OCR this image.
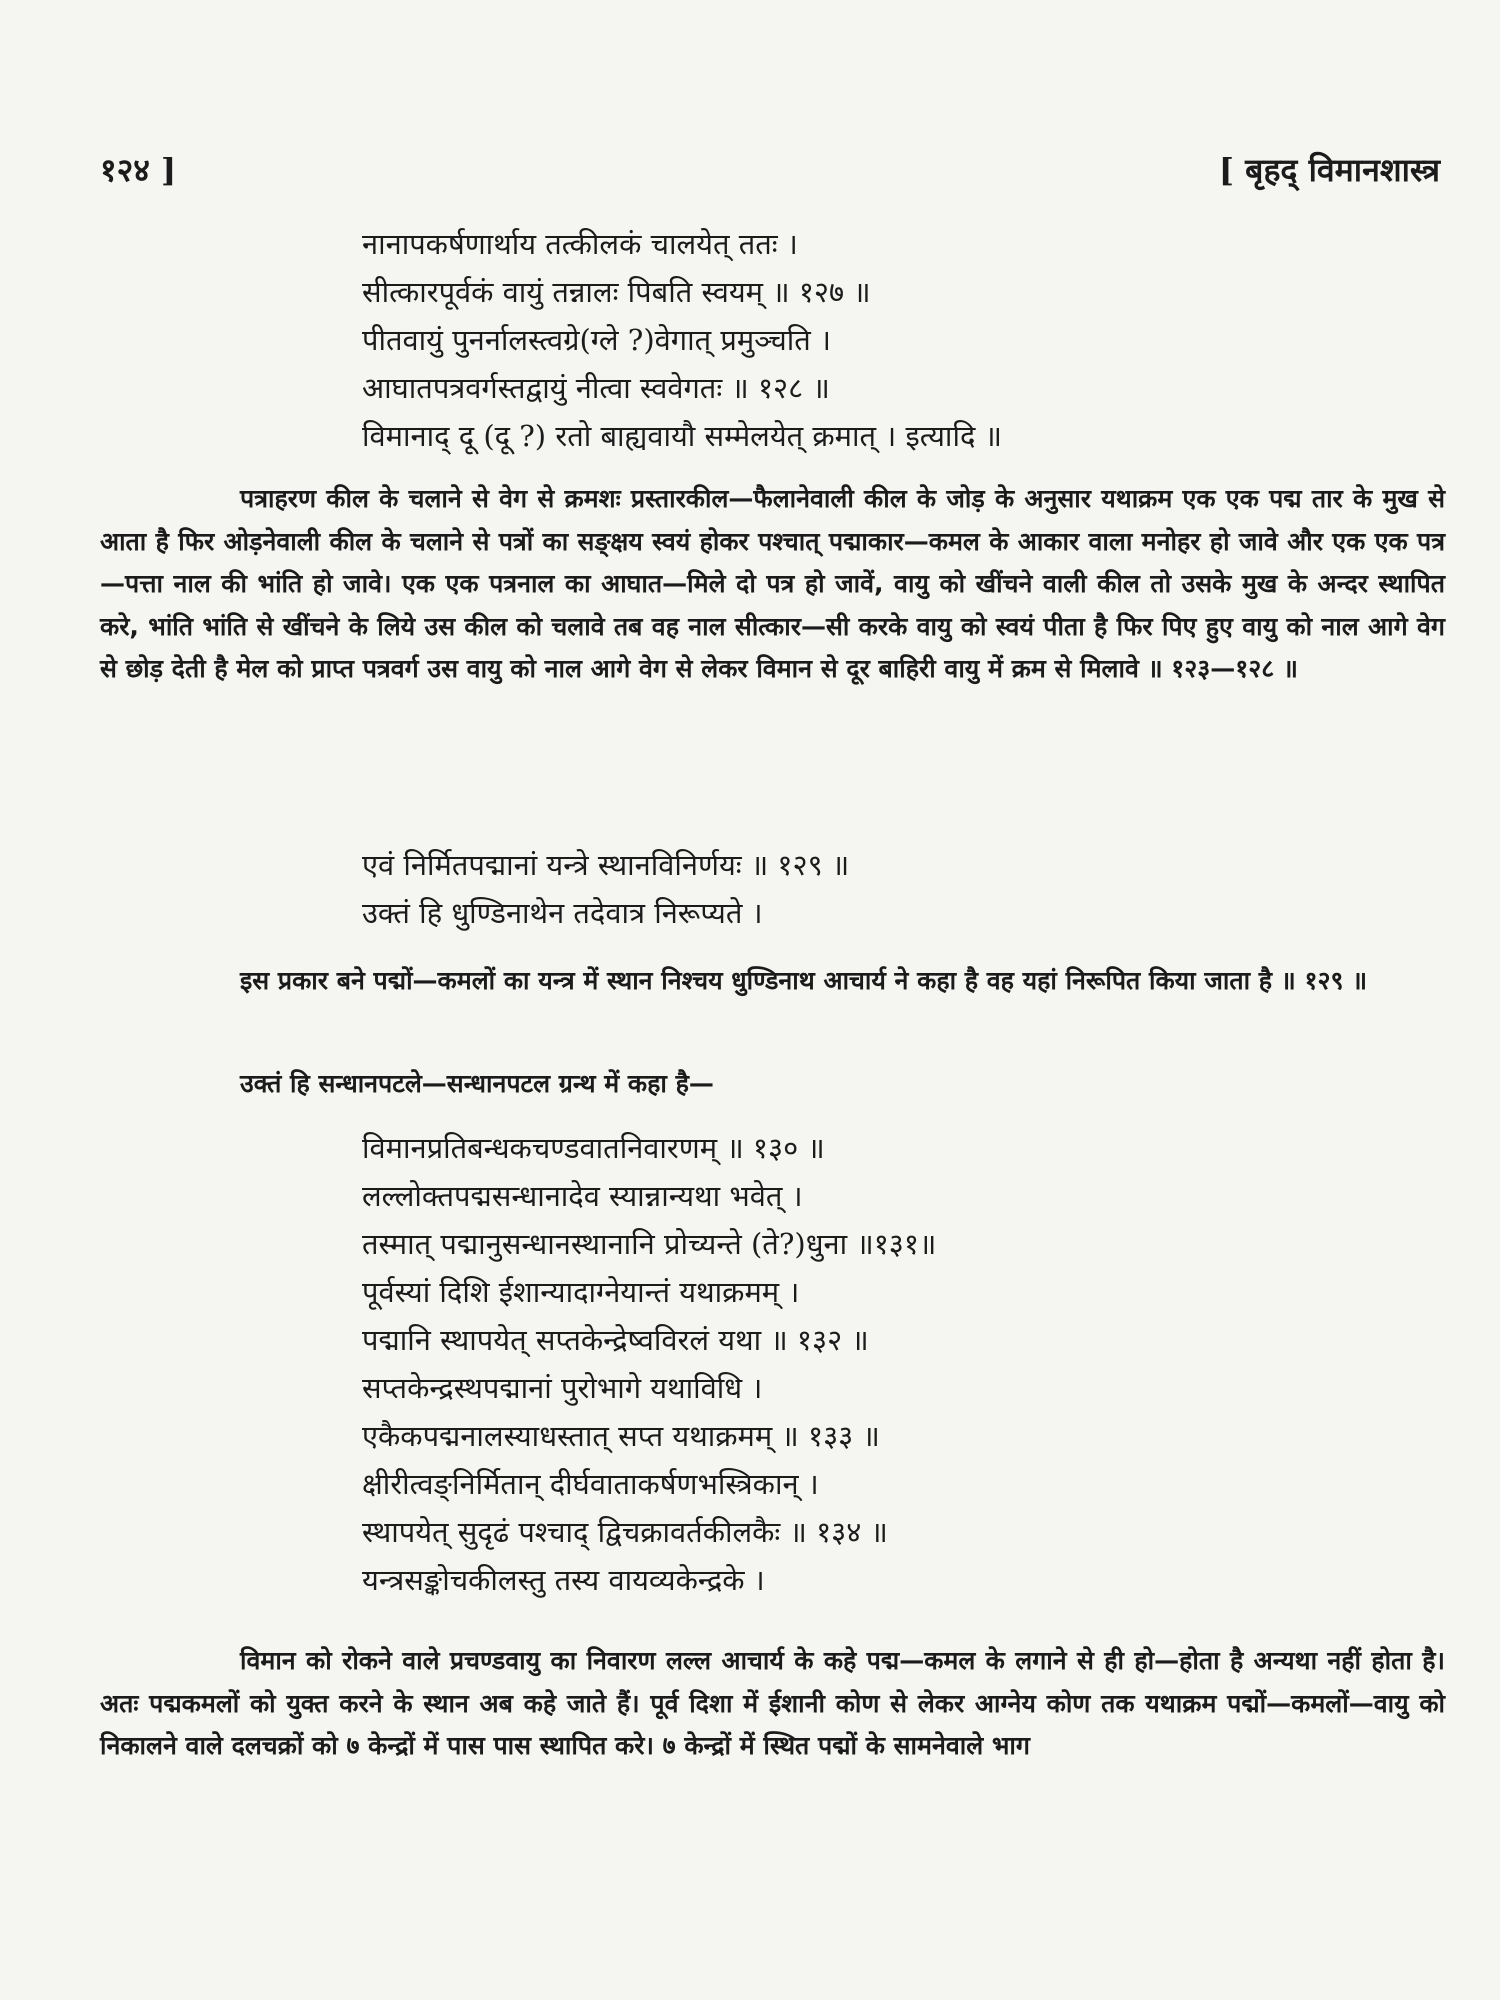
१२४ ]	[ बृहद् विमानशास्त्र
नानापकर्षणार्थाय तत्कीलकं चालयेत् ततः ।
सीत्कारपूर्वकं वायुं तन्नालः पिबति स्वयम् ॥ १२७ ॥
पीतवायुं पुनर्नालस्त्वग्रे(ग्ले ?)वेगात् प्रमुञ्चति ।
आघातपत्रवर्गस्तद्वायुं नीत्वा स्ववेगतः ॥ १२८ ॥
विमानाद् दू (दू ?) रतो बाह्यवायौ सम्मेलयेत् क्रमात् । इत्यादि ॥

पत्राहरण कील के चलाने से वेग से क्रमशः प्रस्तारकील—फैलानेवाली कील के जोड़ के अनुसार यथाक्रम एक एक पद्म तार के मुख से आता है फिर ओड़नेवाली कील के चलाने से पत्रों का सङ्क्षय स्वयं होकर पश्चात् पद्माकार—कमल के आकार वाला मनोहर हो जावे और एक एक पत्र—पत्ता नाल की भांति हो जावे। एक एक पत्रनाल का आघात—मिले दो पत्र हो जावें, वायु को खींचने वाली कील तो उसके मुख के अन्दर स्थापित करे, भांति भांति से खींचने के लिये उस कील को चलावे तब वह नाल सीत्कार—सी करके वायु को स्वयं पीता है फिर पिए हुए वायु को नाल आगे वेग से छोड़ देती है मेल को प्राप्त पत्रवर्ग उस वायु को नाल आगे वेग से लेकर विमान से दूर बाहिरी वायु में क्रम से मिलावे ॥ १२३—१२८ ॥

एवं निर्मितपद्मानां यन्त्रे स्थानविनिर्णयः ॥ १२९ ॥
उक्तं हि धुण्डिनाथेन तदेवात्र निरूप्यते ।

इस प्रकार बने पद्मों—कमलों का यन्त्र में स्थान निश्चय धुण्डिनाथ आचार्य ने कहा है वह यहां निरूपित किया जाता है ॥ १२९ ॥

उक्तं हि सन्धानपटले—सन्धानपटल ग्रन्थ में कहा है—
विमानप्रतिबन्धकचण्डवातनिवारणम् ॥ १३० ॥
लल्लोक्तपद्मसन्धानादेव स्यान्नान्यथा भवेत् ।
तस्मात् पद्मानुसन्धानस्थानानि प्रोच्यन्ते (ते?)धुना ॥१३१॥
पूर्वस्यां दिशि ईशान्यादाग्नेयान्तं यथाक्रमम् ।
पद्मानि स्थापयेत् सप्तकेन्द्रेष्वविरलं यथा ॥ १३२ ॥
सप्तकेन्द्रस्थपद्मानां पुरोभागे यथाविधि ।
एकैकपद्मनालस्याधस्तात् सप्त यथाक्रमम् ॥ १३३ ॥
क्षीरीत्वङ्निर्मितान् दीर्घवाताकर्षणभस्त्रिकान् ।
स्थापयेत् सुदृढं पश्चाद् द्विचक्रावर्तकीलकैः ॥ १३४ ॥
यन्त्रसङ्कोचकीलस्तु तस्य वायव्यकेन्द्रके ।

विमान को रोकने वाले प्रचण्डवायु का निवारण लल्ल आचार्य के कहे पद्म—कमल के लगाने से ही हो—होता है अन्यथा नहीं होता है। अतः पद्मकमलों को युक्त करने के स्थान अब कहे जाते हैं। पूर्व दिशा में ईशानी कोण से लेकर आग्नेय कोण तक यथाक्रम पद्मों—कमलों—वायु को निकालने वाले दलचक्रों को ७ केन्द्रों में पास पास स्थापित करे। ७ केन्द्रों में स्थित पद्मों के सामनेवाले भाग
